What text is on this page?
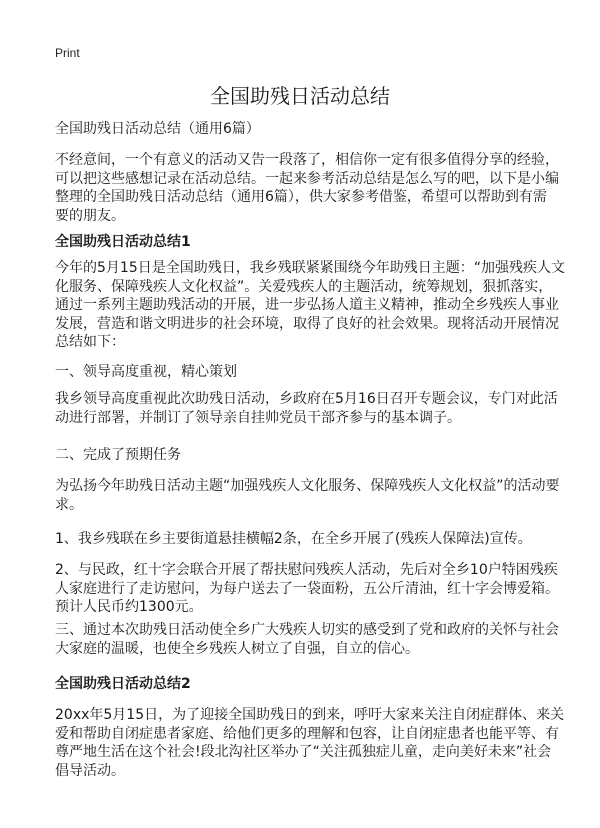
Print
全国助残日活动总结
全国助残日活动总结（通用6篇）
不经意间，一个有意义的活动又告一段落了，相信你一定有很多值得分享的经验，
可以把这些感想记录在活动总结。一起来参考活动总结是怎么写的吧，以下是小编
整理的全国助残日活动总结（通用6篇），供大家参考借鉴，希望可以帮助到有需
要的朋友。
全国助残日活动总结1
今年的5月15日是全国助残日，我乡残联紧紧围绕今年助残日主题：“加强残疾人文
化服务、保障残疾人文化权益”。关爱残疾人的主题活动，统筹规划，狠抓落实，
通过一系列主题助残活动的开展，进一步弘扬人道主义精神，推动全乡残疾人事业
发展，营造和谐文明进步的社会环境，取得了良好的社会效果。现将活动开展情况
总结如下：
一、领导高度重视，精心策划
我乡领导高度重视此次助残日活动，乡政府在5月16日召开专题会议，专门对此活
动进行部署，并制订了领导亲自挂帅党员干部齐参与的基本调子。
二、完成了预期任务
为弘扬今年助残日活动主题“加强残疾人文化服务、保障残疾人文化权益”的活动要
求。
1、我乡残联在乡主要街道悬挂横幅2条，在全乡开展了(残疾人保障法)宣传。
2、与民政，红十字会联合开展了帮扶慰问残疾人活动，先后对全乡10户特困残疾
人家庭进行了走访慰问，为每户送去了一袋面粉，五公斤清油，红十字会博爱箱。
预计人民币约1300元。
三、通过本次助残日活动使全乡广大残疾人切实的感受到了党和政府的关怀与社会
大家庭的温暖，也使全乡残疾人树立了自强，自立的信心。
全国助残日活动总结2
20xx年5月15日，为了迎接全国助残日的到来，呼吁大家来关注自闭症群体、来关
爱和帮助自闭症患者家庭、给他们更多的理解和包容，让自闭症患者也能平等、有
尊严地生活在这个社会!段北沟社区举办了“关注孤独症儿童，走向美好未来”社会
倡导活动。
